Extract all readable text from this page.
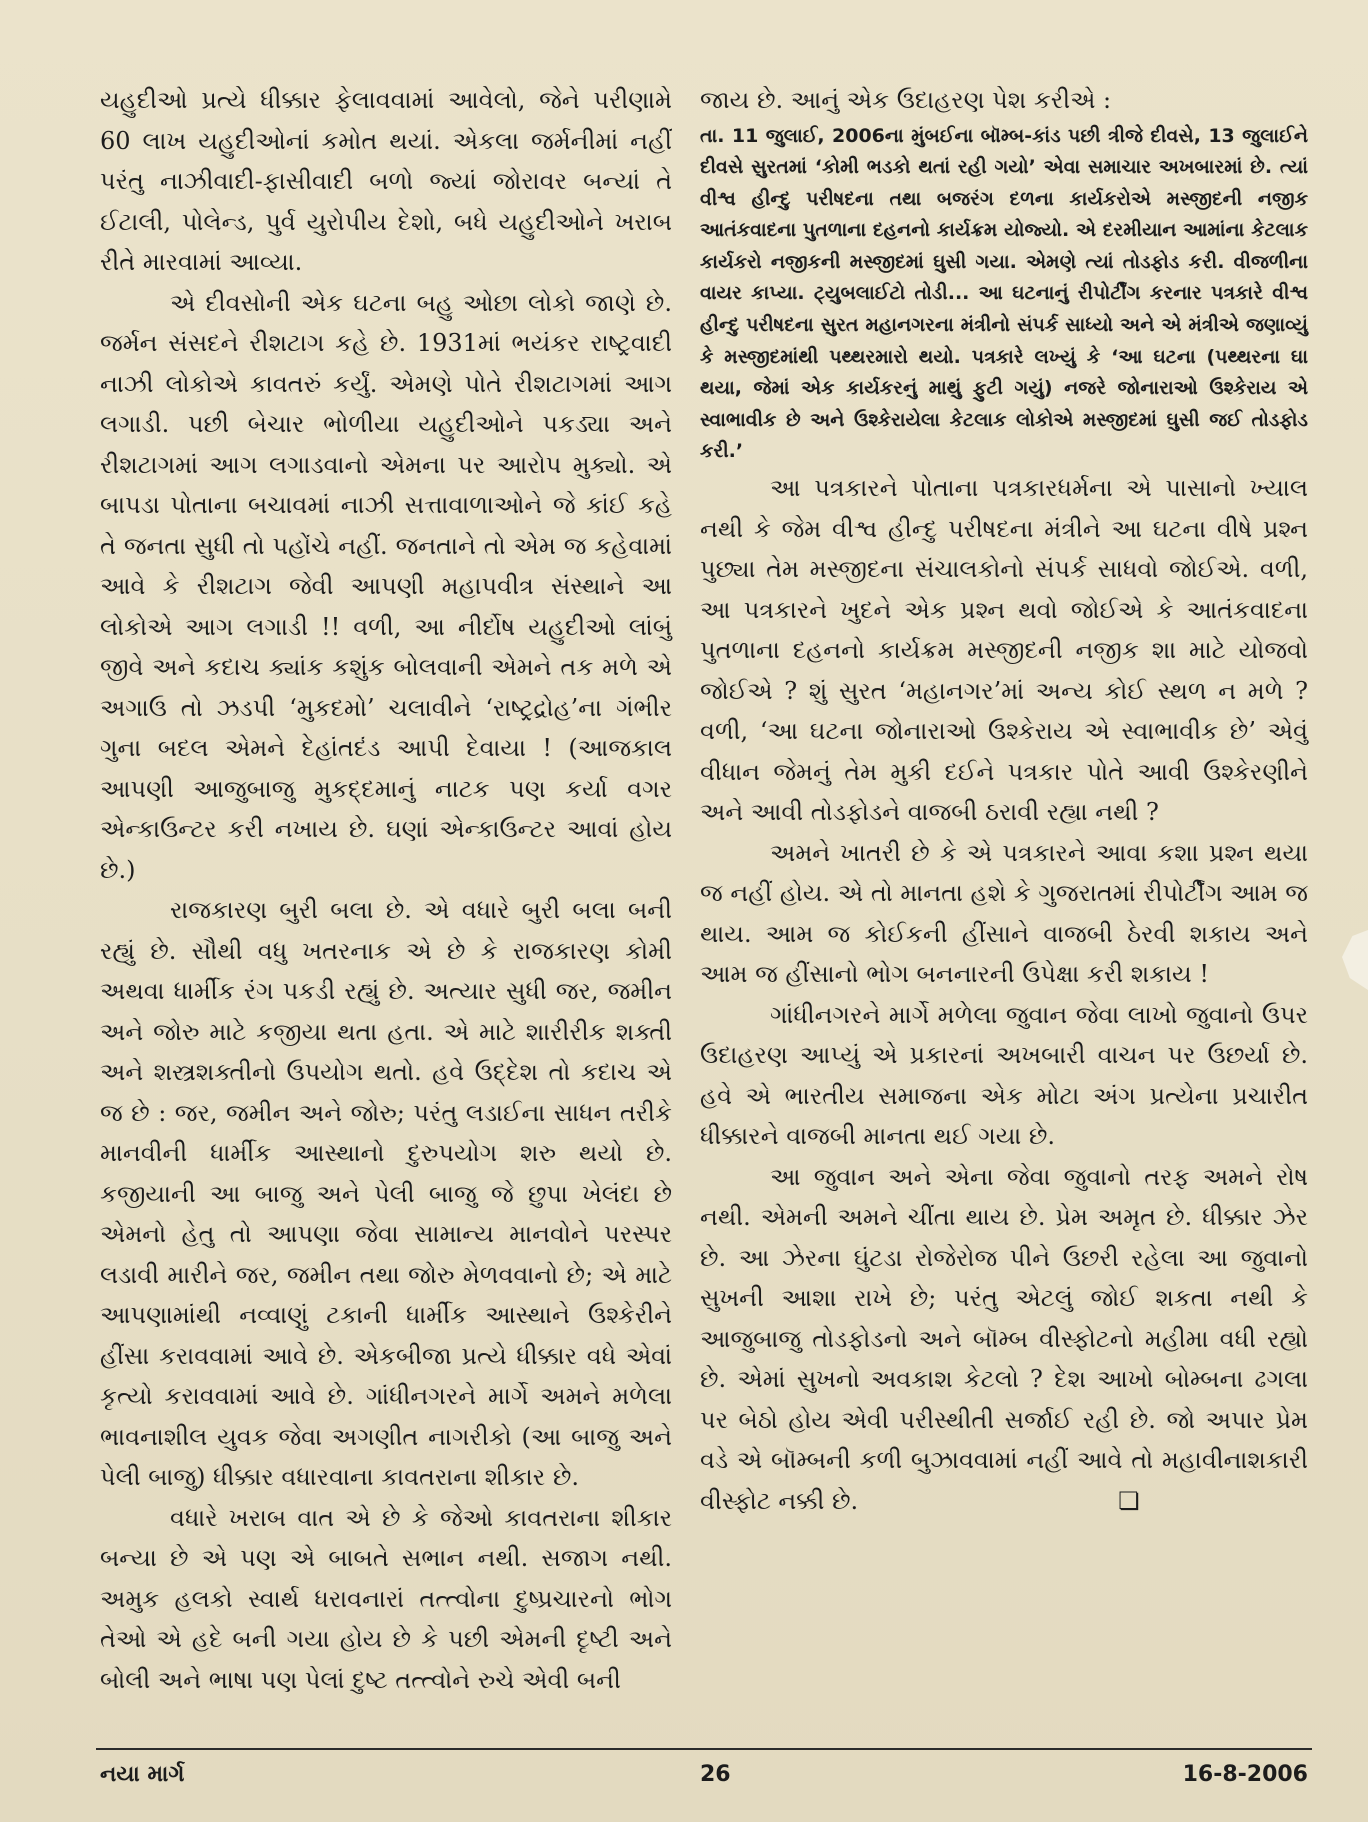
યહુદીઓ પ્રત્યે ધીક્કાર ફેલાવવામાં આવેલો, જેને પરીણામે 60 લાખ યહુદીઓનાં કમોત થયાં. એકલા જર્મનીમાં નહીં પરંતુ નાઝીવાદી-ફાસીવાદી બળો જ્યાં જોરાવર બન્યાં તે ઈટાલી, પોલેન્ડ, પુર્વ યુરોપીય દેશો, બધે યહુદીઓને ખરાબ રીતે મારવામાં આવ્યા.

એ દીવસોની એક ઘટના બહુ ઓછા લોકો જાણે છે. જર્મન સંસદને રીશટાગ કહે છે. 1931માં ભયંકર રાષ્ટ્રવાદી નાઝી લોકોએ કાવતરું કર્યું. એમણે પોતે રીશટાગમાં આગ લગાડી. પછી બેચાર ભોળીયા યહુદીઓને પકડ્યા અને રીશટાગમાં આગ લગાડવાનો એમના પર આરોપ મુક્યો. એ બાપડા પોતાના બચાવમાં નાઝી સત્તાવાળાઓને જે કાંઈ કહે તે જનતા સુધી તો પહોંચે નહીં. જનતાને તો એમ જ કહેવામાં આવે કે રીશટાગ જેવી આપણી મહાપવીત્ર સંસ્થાને આ લોકોએ આગ લગાડી !! વળી, આ નીર્દોષ યહુદીઓ લાંબું જીવે અને કદાચ ક્યાંક કશુંક બોલવાની એમને તક મળે એ અગાઉ તો ઝડપી ‘મુકદમો’ ચલાવીને ‘રાષ્ટ્રદ્રોહ’ના ગંભીર ગુના બદલ એમને દેહાંતદંડ આપી દેવાયા ! (આજકાલ આપણી આજુબાજુ મુકદ્દમાનું નાટક પણ કર્યા વગર એન્કાઉન્ટર કરી નખાય છે. ઘણાં એન્કાઉન્ટર આવાં હોય છે.)

રાજકારણ બુરી બલા છે. એ વધારે બુરી બલા બની રહ્યું છે. સૌથી વધુ ખતરનાક એ છે કે રાજકારણ કોમી અથવા ધાર્મીક રંગ પકડી રહ્યું છે. અત્યાર સુધી જર, જમીન અને જોરુ માટે કજીયા થતા હતા. એ માટે શારીરીક શક્તી અને શસ્ત્રશક્તીનો ઉપયોગ થતો. હવે ઉદ્દેશ તો કદાચ એ જ છે : જર, જમીન અને જોરુ; પરંતુ લડાઈના સાધન તરીકે માનવીની ધાર્મીક આસ્થાનો દુરુપયોગ શરુ થયો છે. કજીયાની આ બાજુ અને પેલી બાજુ જે છુપા ખેલંદા છે એમનો હેતુ તો આપણા જેવા સામાન્ય માનવોને પરસ્પર લડાવી મારીને જર, જમીન તથા જોરુ મેળવવાનો છે; એ માટે આપણામાંથી નવ્વાણું ટકાની ધાર્મીક આસ્થાને ઉશ્કેરીને હીંસા કરાવવામાં આવે છે. એકબીજા પ્રત્યે ધીક્કાર વધે એવાં કૃત્યો કરાવવામાં આવે છે. ગાંધીનગરને માર્ગે અમને મળેલા ભાવનાશીલ યુવક જેવા અગણીત નાગરીકો (આ બાજુ અને પેલી બાજુ) ધીક્કાર વધારવાના કાવતરાના શીકાર છે.

વધારે ખરાબ વાત એ છે કે જેઓ કાવતરાના શીકાર બન્યા છે એ પણ એ બાબતે સભાન નથી. સજાગ નથી. અમુક હલકો સ્વાર્થ ધરાવનારાં તત્ત્વોના દુષ્પ્રચારનો ભોગ તેઓ એ હદે બની ગયા હોય છે કે પછી એમની દૃષ્ટી અને બોલી અને ભાષા પણ પેલાં દુષ્ટ તત્ત્વોને રુચે એવી બની

જાય છે. આનું એક ઉદાહરણ પેશ કરીએ :

તા. 11 જુલાઈ, 2006ના મુંબઈના બૉમ્બ-કાંડ પછી ત્રીજે દીવસે, 13 જુલાઈને દીવસે સુરતમાં ‘કોમી ભડકો થતાં રહી ગયો’ એવા સમાચાર અખબારમાં છે. ત્યાં વીશ્વ હીન્દુ પરીષદના તથા બજરંગ દળના કાર્યકરોએ મસ્જીદની નજીક આતંકવાદના પુતળાના દહનનો કાર્યક્રમ યોજ્યો. એ દરમીયાન આમાંના કેટલાક કાર્યકરો નજીકની મસ્જીદમાં ઘુસી ગયા. એમણે ત્યાં તોડફોડ કરી. વીજળીના વાયર કાપ્યા. ટ્યુબલાઈટો તોડી... આ ઘટનાનું રીપોર્ટીંગ કરનાર પત્રકારે વીશ્વ હીન્દુ પરીષદના સુરત મહાનગરના મંત્રીનો સંપર્ક સાધ્યો અને એ મંત્રીએ જણાવ્યું કે મસ્જીદમાંથી પથ્થરમારો થયો. પત્રકારે લખ્યું કે ‘આ ઘટના (પથ્થરના ઘા થયા, જેમાં એક કાર્યકરનું માથું ફુટી ગયું) નજરે જોનારાઓ ઉશ્કેરાય એ સ્વાભાવીક છે અને ઉશ્કેરાયેલા કેટલાક લોકોએ મસ્જીદમાં ઘુસી જઈ તોડફોડ કરી.’

આ પત્રકારને પોતાના પત્રકારધર્મના એ પાસાનો ખ્યાલ નથી કે જેમ વીશ્વ હીન્દુ પરીષદના મંત્રીને આ ઘટના વીષે પ્રશ્ન પુછ્યા તેમ મસ્જીદના સંચાલકોનો સંપર્ક સાધવો જોઈએ. વળી, આ પત્રકારને ખુદને એક પ્રશ્ન થવો જોઈએ કે આતંકવાદના પુતળાના દહનનો કાર્યક્રમ મસ્જીદની નજીક શા માટે યોજવો જોઈએ ? શું સુરત ‘મહાનગર’માં અન્ય કોઈ સ્થળ ન મળે ? વળી, ‘આ ઘટના જોનારાઓ ઉશ્કેરાય એ સ્વાભાવીક છે’ એવું વીધાન જેમનું તેમ મુકી દઈને પત્રકાર પોતે આવી ઉશ્કેરણીને અને આવી તોડફોડને વાજબી ઠરાવી રહ્યા નથી ?

અમને ખાતરી છે કે એ પત્રકારને આવા કશા પ્રશ્ન થયા જ નહીં હોય. એ તો માનતા હશે કે ગુજરાતમાં રીપોર્ટીંગ આમ જ થાય. આમ જ કોઈકની હીંસાને વાજબી ઠેરવી શકાય અને આમ જ હીંસાનો ભોગ બનનારની ઉપેક્ષા કરી શકાય !

ગાંધીનગરને માર્ગે મળેલા જુવાન જેવા લાખો જુવાનો ઉપર ઉદાહરણ આપ્યું એ પ્રકારનાં અખબારી વાચન પર ઉછર્યા છે. હવે એ ભારતીય સમાજના એક મોટા અંગ પ્રત્યેના પ્રચારીત ધીક્કારને વાજબી માનતા થઈ ગયા છે.

આ જુવાન અને એના જેવા જુવાનો તરફ અમને રોષ નથી. એમની અમને ચીંતા થાય છે. પ્રેમ અમૃત છે. ધીક્કાર ઝેર છે. આ ઝેરના ઘુંટડા રોજેરોજ પીને ઉછરી રહેલા આ જુવાનો સુખની આશા રાખે છે; પરંતુ એટલું જોઈ શકતા નથી કે આજુબાજુ તોડફોડનો અને બૉમ્બ વીસ્ફોટનો મહીમા વધી રહ્યો છે. એમાં સુખનો અવકાશ કેટલો ? દેશ આખો બોમ્બના ઢગલા પર બેઠો હોય એવી પરીસ્થીતી સર્જાઈ રહી છે. જો અપાર પ્રેમ વડે એ બૉમ્બની કળી બુઝાવવામાં નહીં આવે તો મહાવીનાશકારી વીસ્ફોટ નક્કી છે.	❏

નયા માર્ગ	26	16-8-2006
